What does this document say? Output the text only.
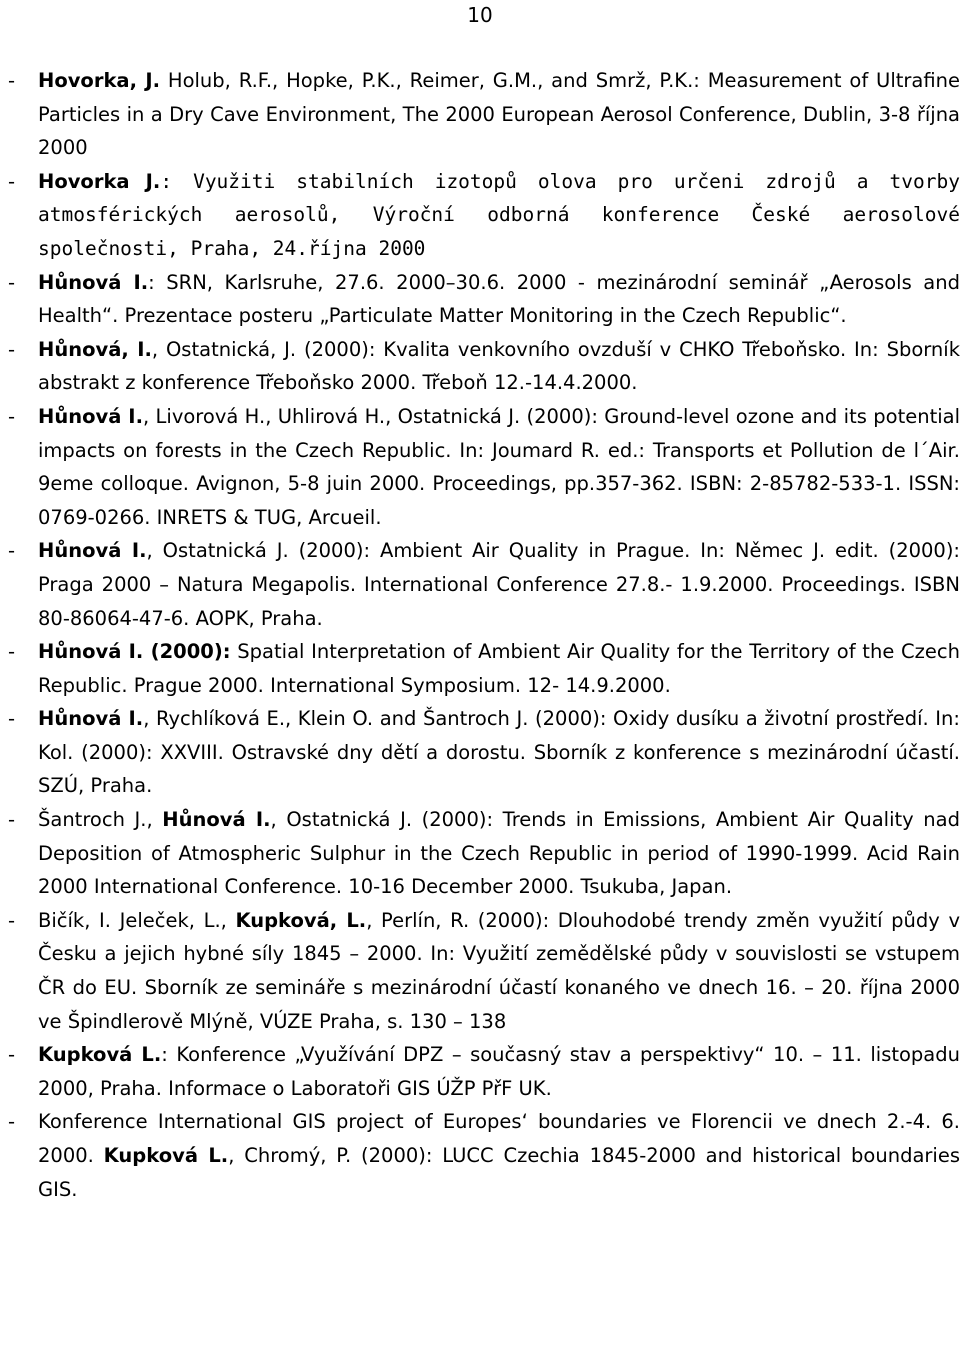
10
- Hovorka, J. Holub, R.F., Hopke, P.K., Reimer, G.M., and Smrž, P.K.: Measurement of Ultrafine Particles in a Dry Cave Environment, The 2000 European Aerosol Conference, Dublin, 3-8 října 2000
- Hovorka J.: Využiti stabilních izotopů olova pro určeni zdrojů a tvorby atmosférických aerosolů, Výroční odborná konference České aerosolové společnosti, Praha, 24.října 2000
- Hůnová I.: SRN, Karlsruhe, 27.6. 2000–30.6. 2000 - mezinárodní seminář „Aerosols and Health“. Prezentace posteru „Particulate Matter Monitoring in the Czech Republic“.
- Hůnová, I., Ostatnická, J. (2000): Kvalita venkovního ovzduší v CHKO Třeboňsko. In: Sborník abstrakt z konference Třeboňsko 2000. Třeboň 12.-14.4.2000.
- Hůnová I., Livorová H., Uhlirová H., Ostatnická J. (2000): Ground-level ozone and its potential impacts on forests in the Czech Republic. In: Joumard R. ed.: Transports et Pollution de l´Air. 9eme colloque. Avignon, 5-8 juin 2000. Proceedings, pp.357-362. ISBN: 2-85782-533-1. ISSN: 0769-0266. INRETS & TUG, Arcueil.
- Hůnová I., Ostatnická J. (2000): Ambient Air Quality in Prague. In: Němec J. edit. (2000): Praga 2000 – Natura Megapolis. International Conference 27.8.- 1.9.2000. Proceedings. ISBN 80-86064-47-6. AOPK, Praha.
- Hůnová I. (2000): Spatial Interpretation of Ambient Air Quality for the Territory of the Czech Republic. Prague 2000. International Symposium. 12- 14.9.2000.
- Hůnová I., Rychlíková E., Klein O. and Šantroch J. (2000): Oxidy dusíku a životní prostředí. In: Kol. (2000): XXVIII. Ostravské dny dětí a dorostu. Sborník z konference s mezinárodní účastí. SZÚ, Praha.
- Šantroch J., Hůnová I., Ostatnická J. (2000): Trends in Emissions, Ambient Air Quality nad Deposition of Atmospheric Sulphur in the Czech Republic in period of 1990-1999. Acid Rain 2000 International Conference. 10-16 December 2000. Tsukuba, Japan.
- Bičík, I. Jeleček, L., Kupková, L., Perlín, R. (2000): Dlouhodobé trendy změn využití půdy v Česku a jejich hybné síly 1845 – 2000. In: Využití zemědělské půdy v souvislosti se vstupem ČR do EU. Sborník ze semináře s mezinárodní účastí konaného ve dnech 16. – 20. října 2000 ve Špindlerově Mlýně, VÚZE Praha, s. 130 – 138
- Kupková L.: Konference „Využívání DPZ – současný stav a perspektivy“ 10. – 11. listopadu 2000, Praha. Informace o Laboratoři GIS ÚŽP PřF UK.
- Konference International GIS project of Europes‘ boundaries ve Florencii ve dnech 2.-4. 6. 2000. Kupková L., Chromý, P. (2000): LUCC Czechia 1845-2000 and historical boundaries GIS.
